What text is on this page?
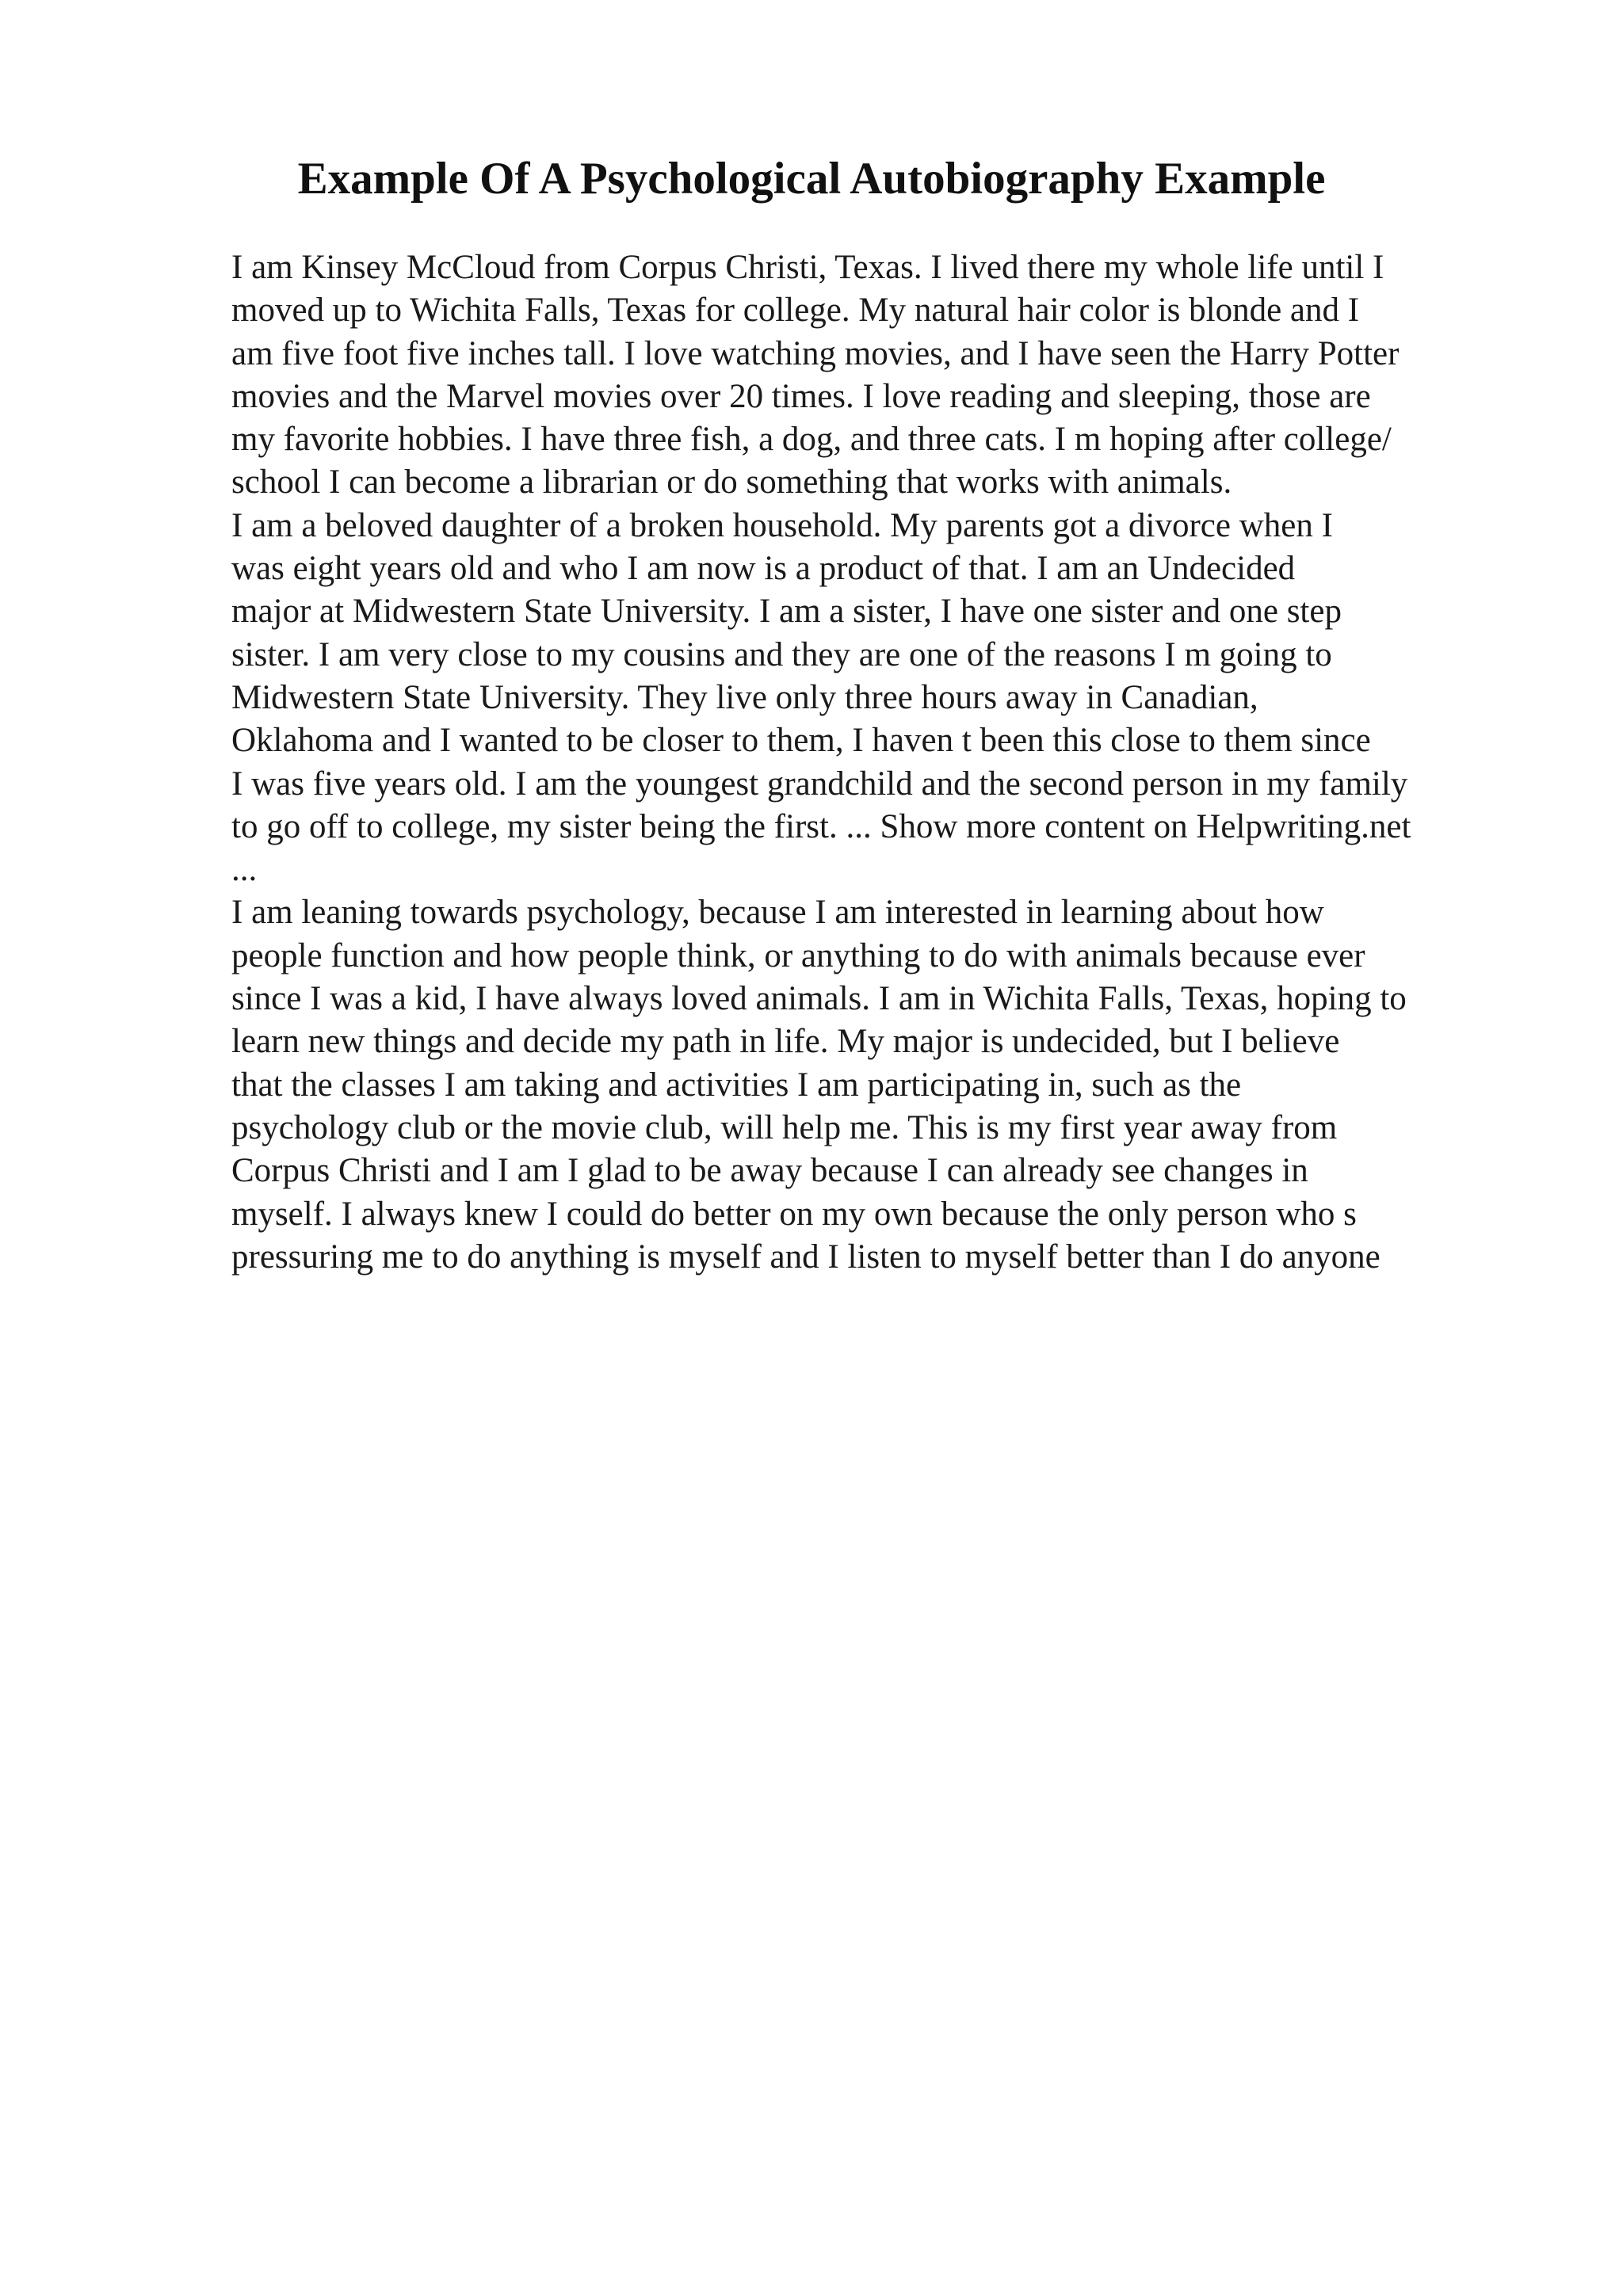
Example Of A Psychological Autobiography Example
I am Kinsey McCloud from Corpus Christi, Texas. I lived there my whole life until I
moved up to Wichita Falls, Texas for college. My natural hair color is blonde and I
am five foot five inches tall. I love watching movies, and I have seen the Harry Potter
movies and the Marvel movies over 20 times. I love reading and sleeping, those are
my favorite hobbies. I have three fish, a dog, and three cats. I m hoping after college/
school I can become a librarian or do something that works with animals.
I am a beloved daughter of a broken household. My parents got a divorce when I
was eight years old and who I am now is a product of that. I am an Undecided
major at Midwestern State University. I am a sister, I have one sister and one step
sister. I am very close to my cousins and they are one of the reasons I m going to
Midwestern State University. They live only three hours away in Canadian,
Oklahoma and I wanted to be closer to them, I haven t been this close to them since
I was five years old. I am the youngest grandchild and the second person in my family
to go off to college, my sister being the first. ... Show more content on Helpwriting.net
...
I am leaning towards psychology, because I am interested in learning about how
people function and how people think, or anything to do with animals because ever
since I was a kid, I have always loved animals. I am in Wichita Falls, Texas, hoping to
learn new things and decide my path in life. My major is undecided, but I believe
that the classes I am taking and activities I am participating in, such as the
psychology club or the movie club, will help me. This is my first year away from
Corpus Christi and I am I glad to be away because I can already see changes in
myself. I always knew I could do better on my own because the only person who s
pressuring me to do anything is myself and I listen to myself better than I do anyone
